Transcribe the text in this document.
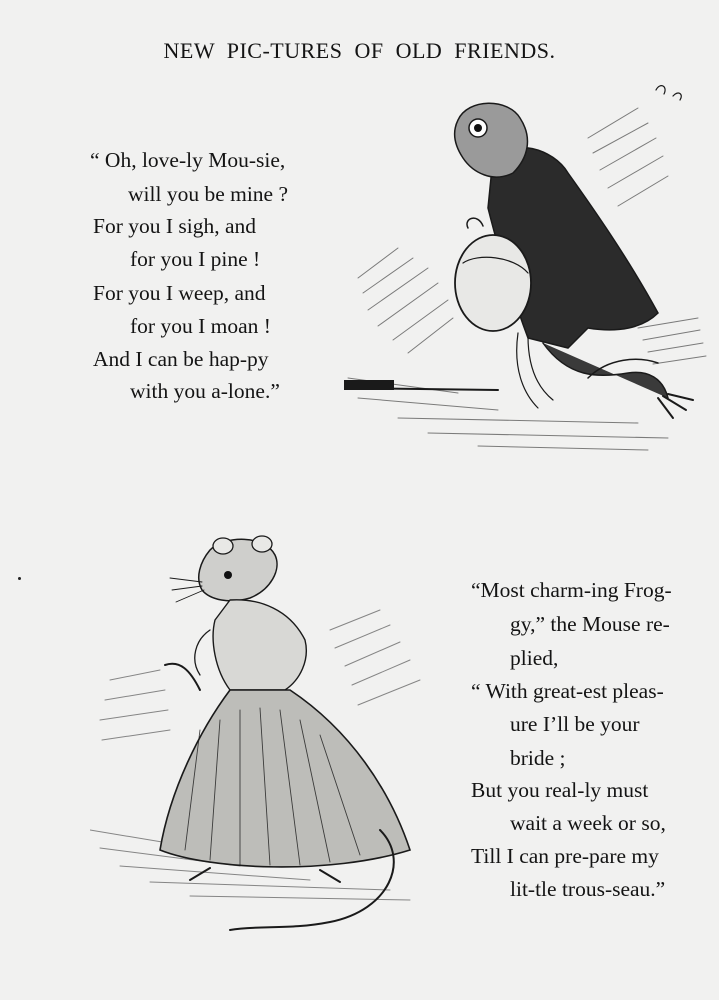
NEW PIC-TURES OF OLD FRIENDS.
“ Oh, love-ly Mou-sie,
will you be mine ?
For you I sigh, and
for you I pine !
For you I weep, and
for you I moan !
And I can be hap-py
with you a-lone.”
“Most charm-ing Frog-
gy,” the Mouse re-
plied,
“ With great-est pleas-
ure I’ll be your
bride ;
But you real-ly must
wait a week or so,
Till I can pre-pare my
lit-tle trous-seau.”
